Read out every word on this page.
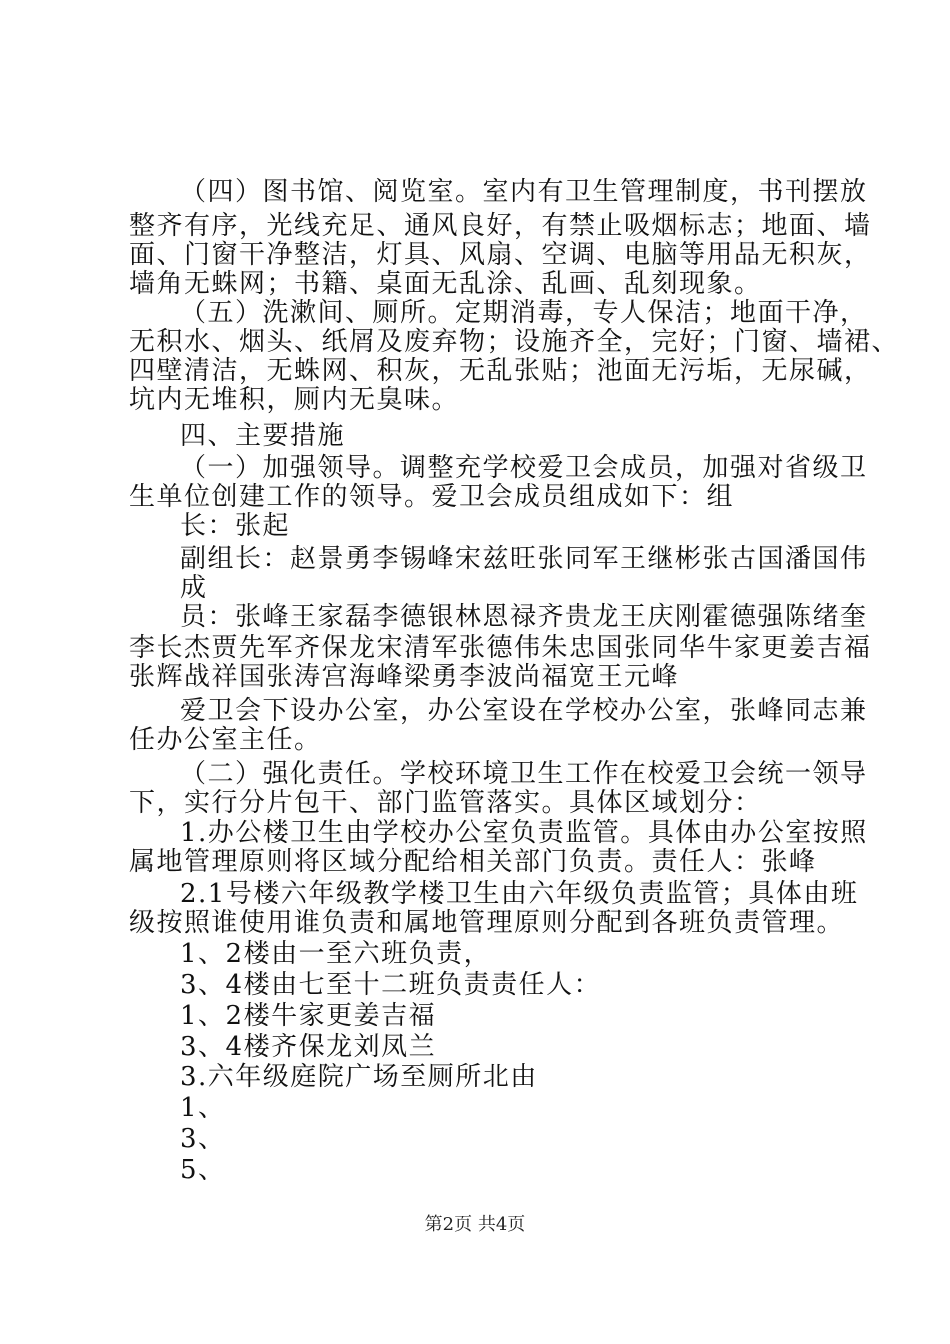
（四）图书馆、阅览室。室内有卫生管理制度，书刊摆放
整齐有序，光线充足、通风良好，有禁止吸烟标志；地面、墙
面、门窗干净整洁，灯具、风扇、空调、电脑等用品无积灰，
墙角无蛛网；书籍、桌面无乱涂、乱画、乱刻现象。
（五）洗漱间、厕所。定期消毒，专人保洁；地面干净，
无积水、烟头、纸屑及废弃物；设施齐全，完好；门窗、墙裙、
四壁清洁，无蛛网、积灰，无乱张贴；池面无污垢，无尿碱，
坑内无堆积，厕内无臭味。
四、主要措施
（一）加强领导。调整充学校爱卫会成员，加强对省级卫
生单位创建工作的领导。爱卫会成员组成如下：组
长：张起
副组长：赵景勇李锡峰宋兹旺张同军王继彬张古国潘国伟
成
员：张峰王家磊李德银林恩禄齐贵龙王庆刚霍德强陈绪奎
李长杰贾先军齐保龙宋清军张德伟朱忠国张同华牛家更姜吉福
张辉战祥国张涛宫海峰梁勇李波尚福宽王元峰
爱卫会下设办公室，办公室设在学校办公室，张峰同志兼
任办公室主任。
（二）强化责任。学校环境卫生工作在校爱卫会统一领导
下，实行分片包干、部门监管落实。具体区域划分：
1.办公楼卫生由学校办公室负责监管。具体由办公室按照
属地管理原则将区域分配给相关部门负责。责任人：张峰
2.1号楼六年级教学楼卫生由六年级负责监管；具体由班
级按照谁使用谁负责和属地管理原则分配到各班负责管理。
1、2楼由一至六班负责，
3、4楼由七至十二班负责责任人：
1、2楼牛家更姜吉福
3、4楼齐保龙刘凤兰
3.六年级庭院广场至厕所北由
1、
3、
5、
第2页 共4页
